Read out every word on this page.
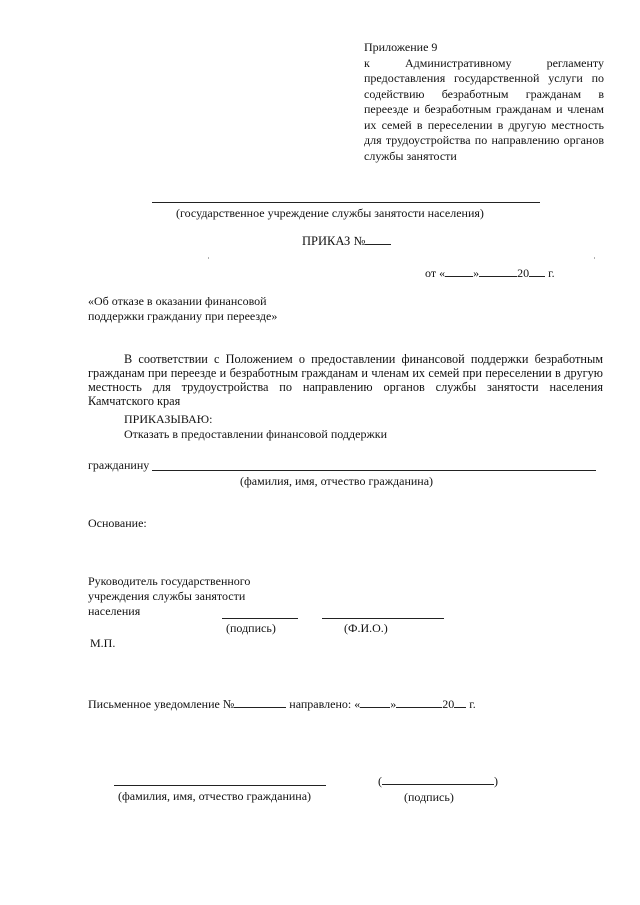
Приложение 9
к Административному регламенту предоставления государственной услуги по содействию безработным гражданам в переезде и безработным гражданам и членам их семей в переселении в другую местность для трудоустройства по направлению органов службы занятости
(государственное учреждение службы занятости населения)
ПРИКАЗ №
ʾ	ʾ
от « »	20 г.
«Об отказе в оказании финансовой
поддержки гражданиу при переезде»
В соответствии с Положением о предоставлении финансовой поддержки безработным гражданам при переезде и безработным гражданам и членам их семей при переселении в другую местность для трудоустройства по направлению органов службы занятости населения Камчатского края
ПРИКАЗЫВАЮ:
Отказать в предоставлении финансовой поддержки
гражданину
(фамилия, имя, отчество гражданина)
Основание:
Руководитель государственного
учреждения службы занятости
населения
(подпись)	(Ф.И.О.)
М.П.
Письменное уведомление №	направлено: «	»	20 г.
(фамилия, имя, отчество гражданина)
(	)
(подпись)
